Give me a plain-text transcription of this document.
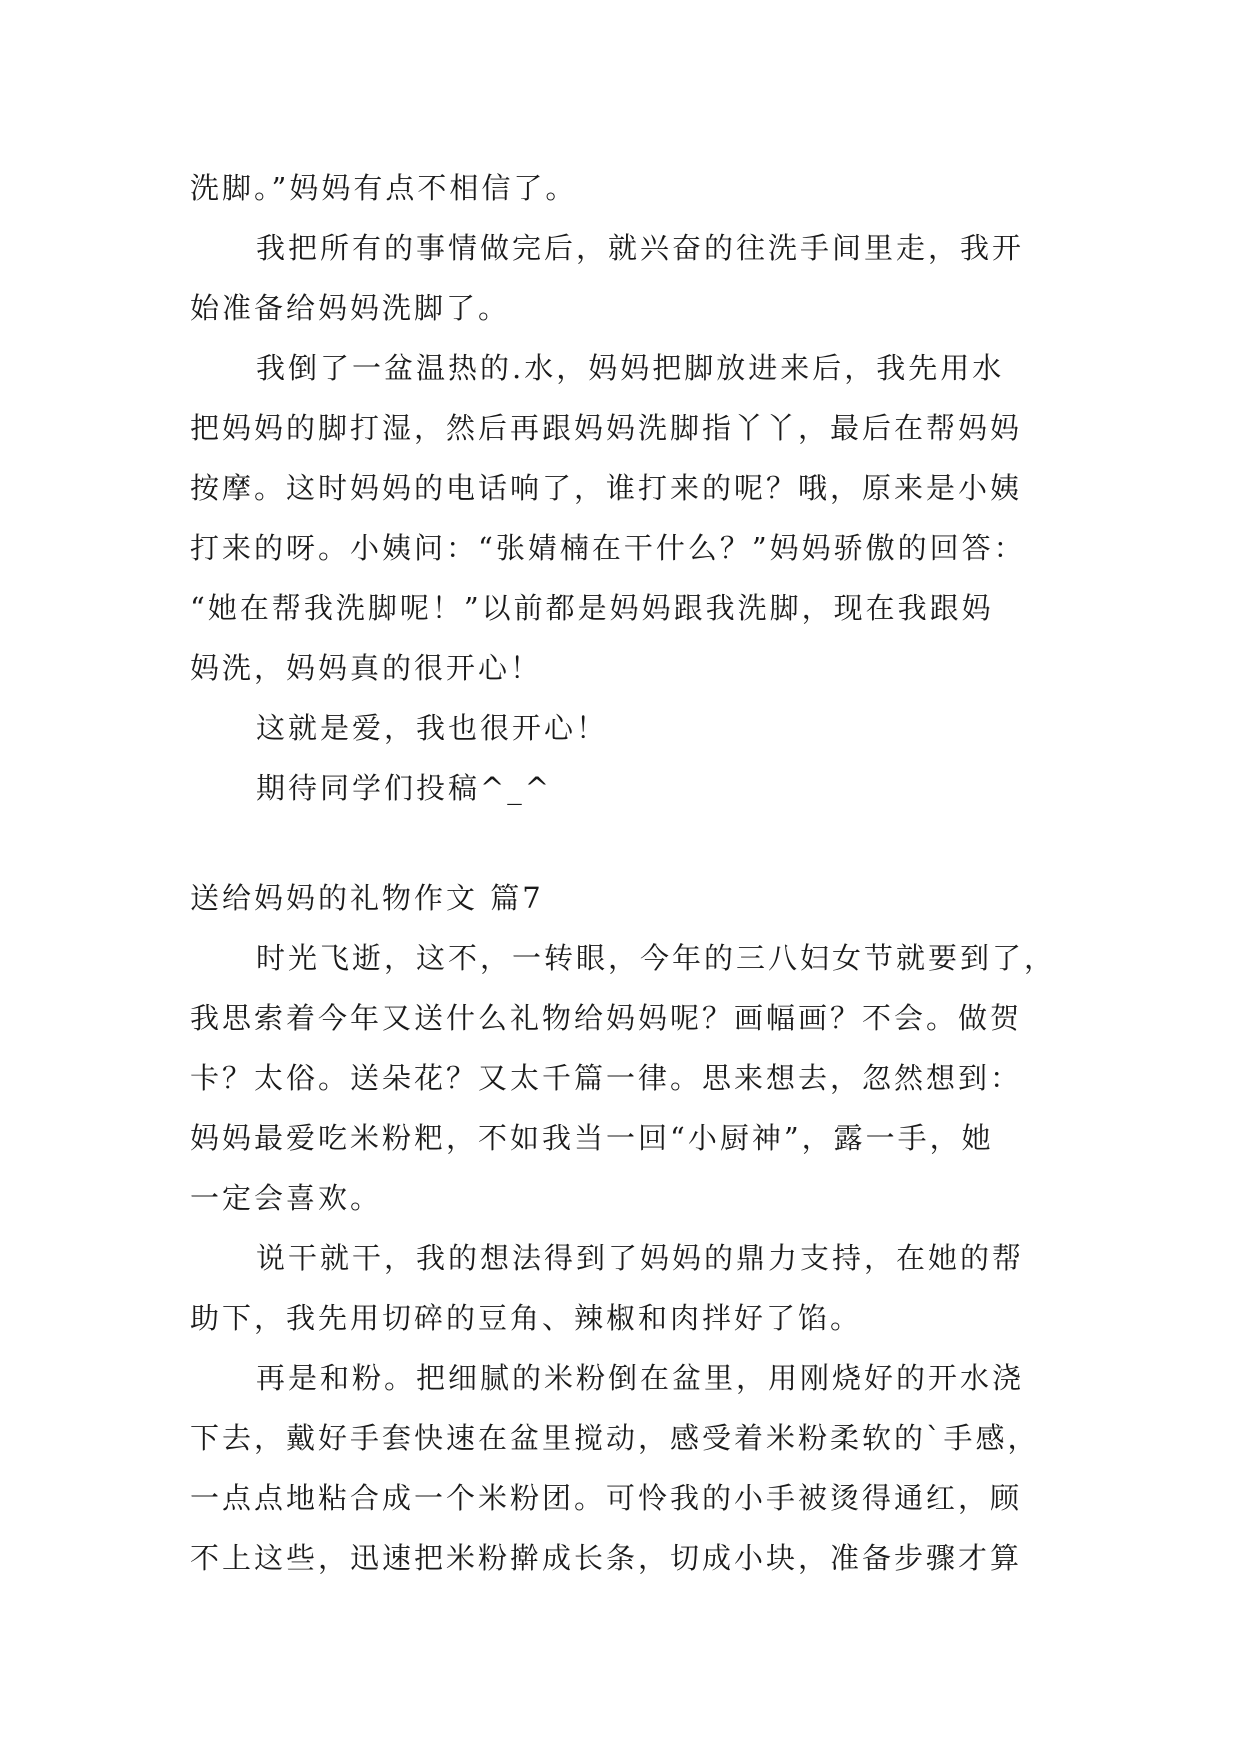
洗脚。”妈妈有点不相信了。
我把所有的事情做完后，就兴奋的往洗手间里走，我开
始准备给妈妈洗脚了。
我倒了一盆温热的.水，妈妈把脚放进来后，我先用水
把妈妈的脚打湿，然后再跟妈妈洗脚指丫丫，最后在帮妈妈
按摩。这时妈妈的电话响了，谁打来的呢？哦，原来是小姨
打来的呀。小姨问：“张婧楠在干什么？”妈妈骄傲的回答：
“她在帮我洗脚呢！”以前都是妈妈跟我洗脚，现在我跟妈
妈洗，妈妈真的很开心！
这就是爱，我也很开心！
期待同学们投稿^_^
送给妈妈的礼物作文 篇7
时光飞逝，这不，一转眼，今年的三八妇女节就要到了，
我思索着今年又送什么礼物给妈妈呢？画幅画？不会。做贺
卡？太俗。送朵花？又太千篇一律。思来想去，忽然想到：
妈妈最爱吃米粉粑，不如我当一回“小厨神”，露一手，她
一定会喜欢。
说干就干，我的想法得到了妈妈的鼎力支持，在她的帮
助下，我先用切碎的豆角、辣椒和肉拌好了馅。
再是和粉。把细腻的米粉倒在盆里，用刚烧好的开水浇
下去，戴好手套快速在盆里搅动，感受着米粉柔软的`手感，
一点点地粘合成一个米粉团。可怜我的小手被烫得通红，顾
不上这些，迅速把米粉擀成长条，切成小块，准备步骤才算
